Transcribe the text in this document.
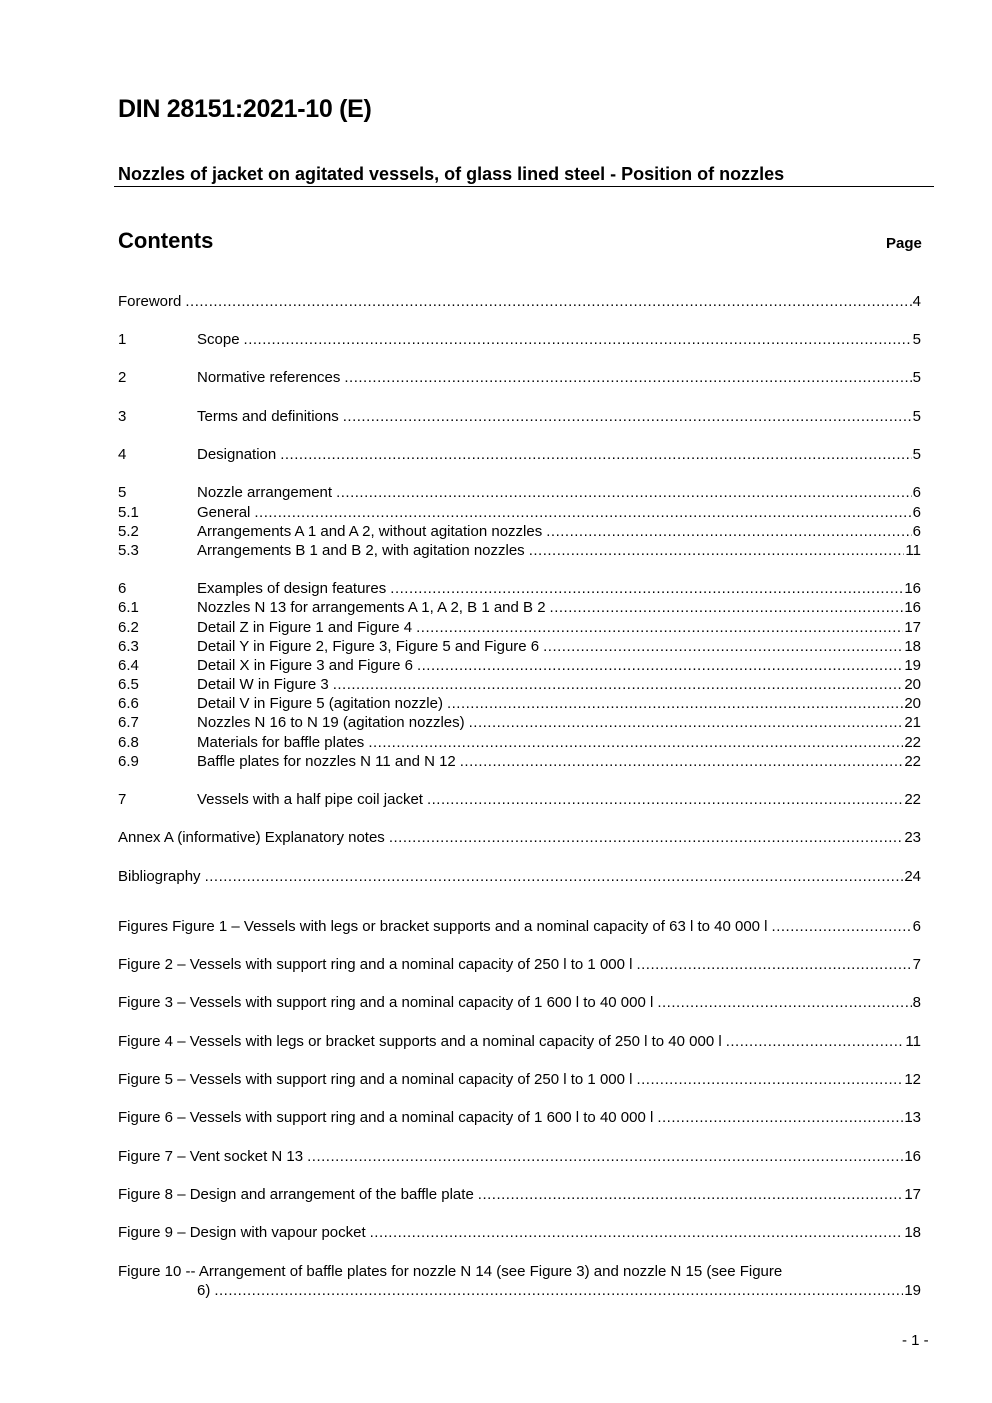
DIN 28151:2021-10 (E)
Nozzles of jacket on agitated vessels, of glass lined steel - Position of nozzles
Contents	Page
Foreword .....	4
1	Scope .....	5
2	Normative references .....	5
3	Terms and definitions .....	5
4	Designation .....	5
5	Nozzle arrangement .....	6
5.1	General .....	6
5.2	Arrangements A 1 and A 2, without agitation nozzles .....	6
5.3	Arrangements B 1 and B 2, with agitation nozzles .....	11
6	Examples of design features .....	16
6.1	Nozzles N 13 for arrangements A 1, A 2, B 1 and B 2 .....	16
6.2	Detail Z in Figure 1 and Figure 4 .....	17
6.3	Detail Y in Figure 2, Figure 3, Figure 5 and Figure 6 .....	18
6.4	Detail X in Figure 3 and Figure 6 .....	19
6.5	Detail W in Figure 3 .....	20
6.6	Detail V in Figure 5 (agitation nozzle) .....	20
6.7	Nozzles N 16 to N 19 (agitation nozzles) .....	21
6.8	Materials for baffle plates .....	22
6.9	Baffle plates for nozzles N 11 and N 12 .....	22
7	Vessels with a half pipe coil jacket .....	22
Annex A (informative) Explanatory notes .....	23
Bibliography .....	24
Figures Figure 1 – Vessels with legs or bracket supports and a nominal capacity of 63 l to 40 000 l .....	6
Figure 2 – Vessels with support ring and a nominal capacity of 250 l to 1 000 l .....	7
Figure 3 – Vessels with support ring and a nominal capacity of 1 600 l to 40 000 l .....	8
Figure 4 – Vessels with legs or bracket supports and a nominal capacity of 250 l to 40 000 l .....	11
Figure 5 – Vessels with support ring and a nominal capacity of 250 l to 1 000 l .....	12
Figure 6 – Vessels with support ring and a nominal capacity of 1 600 l to 40 000 l .....	13
Figure 7 – Vent socket N 13 .....	16
Figure 8 – Design and arrangement of the baffle plate .....	17
Figure 9 – Design with vapour pocket .....	18
Figure 10 -- Arrangement of baffle plates for nozzle N 14 (see Figure 3) and nozzle N 15 (see Figure
6) .....	19
- 1 -
